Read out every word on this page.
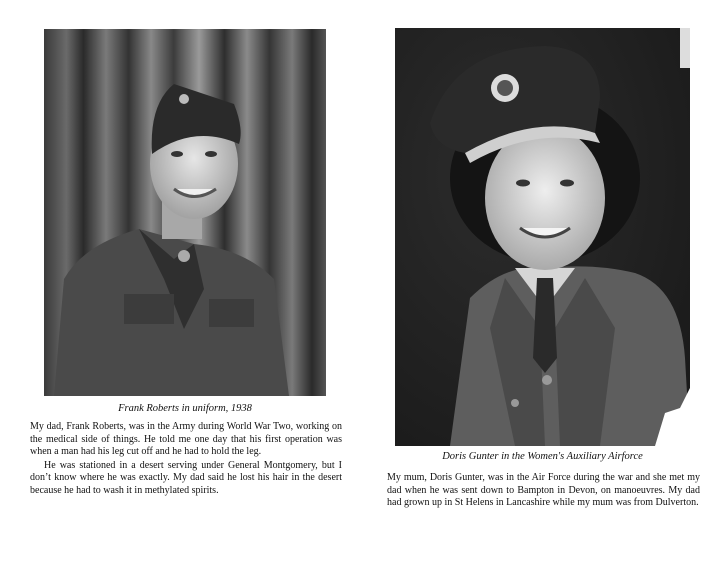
Frank Roberts in uniform, 1938

My dad, Frank Roberts, was in the Army during World War Two, working on the medical side of things. He told me one day that his first operation was when a man had his leg cut off and he had to hold the leg.

He was stationed in a desert serving under General Montgomery, but I don’t know where he was exactly. My dad said he lost his hair in the desert because he had to wash it in methylated spirits.

Doris Gunter in the Women's Auxiliary Airforce

My mum, Doris Gunter, was in the Air Force during the war and she met my dad when he was sent down to Bampton in Devon, on manoeuvres. My dad had grown up in St Helens in Lancashire while my mum was from Dulverton.
